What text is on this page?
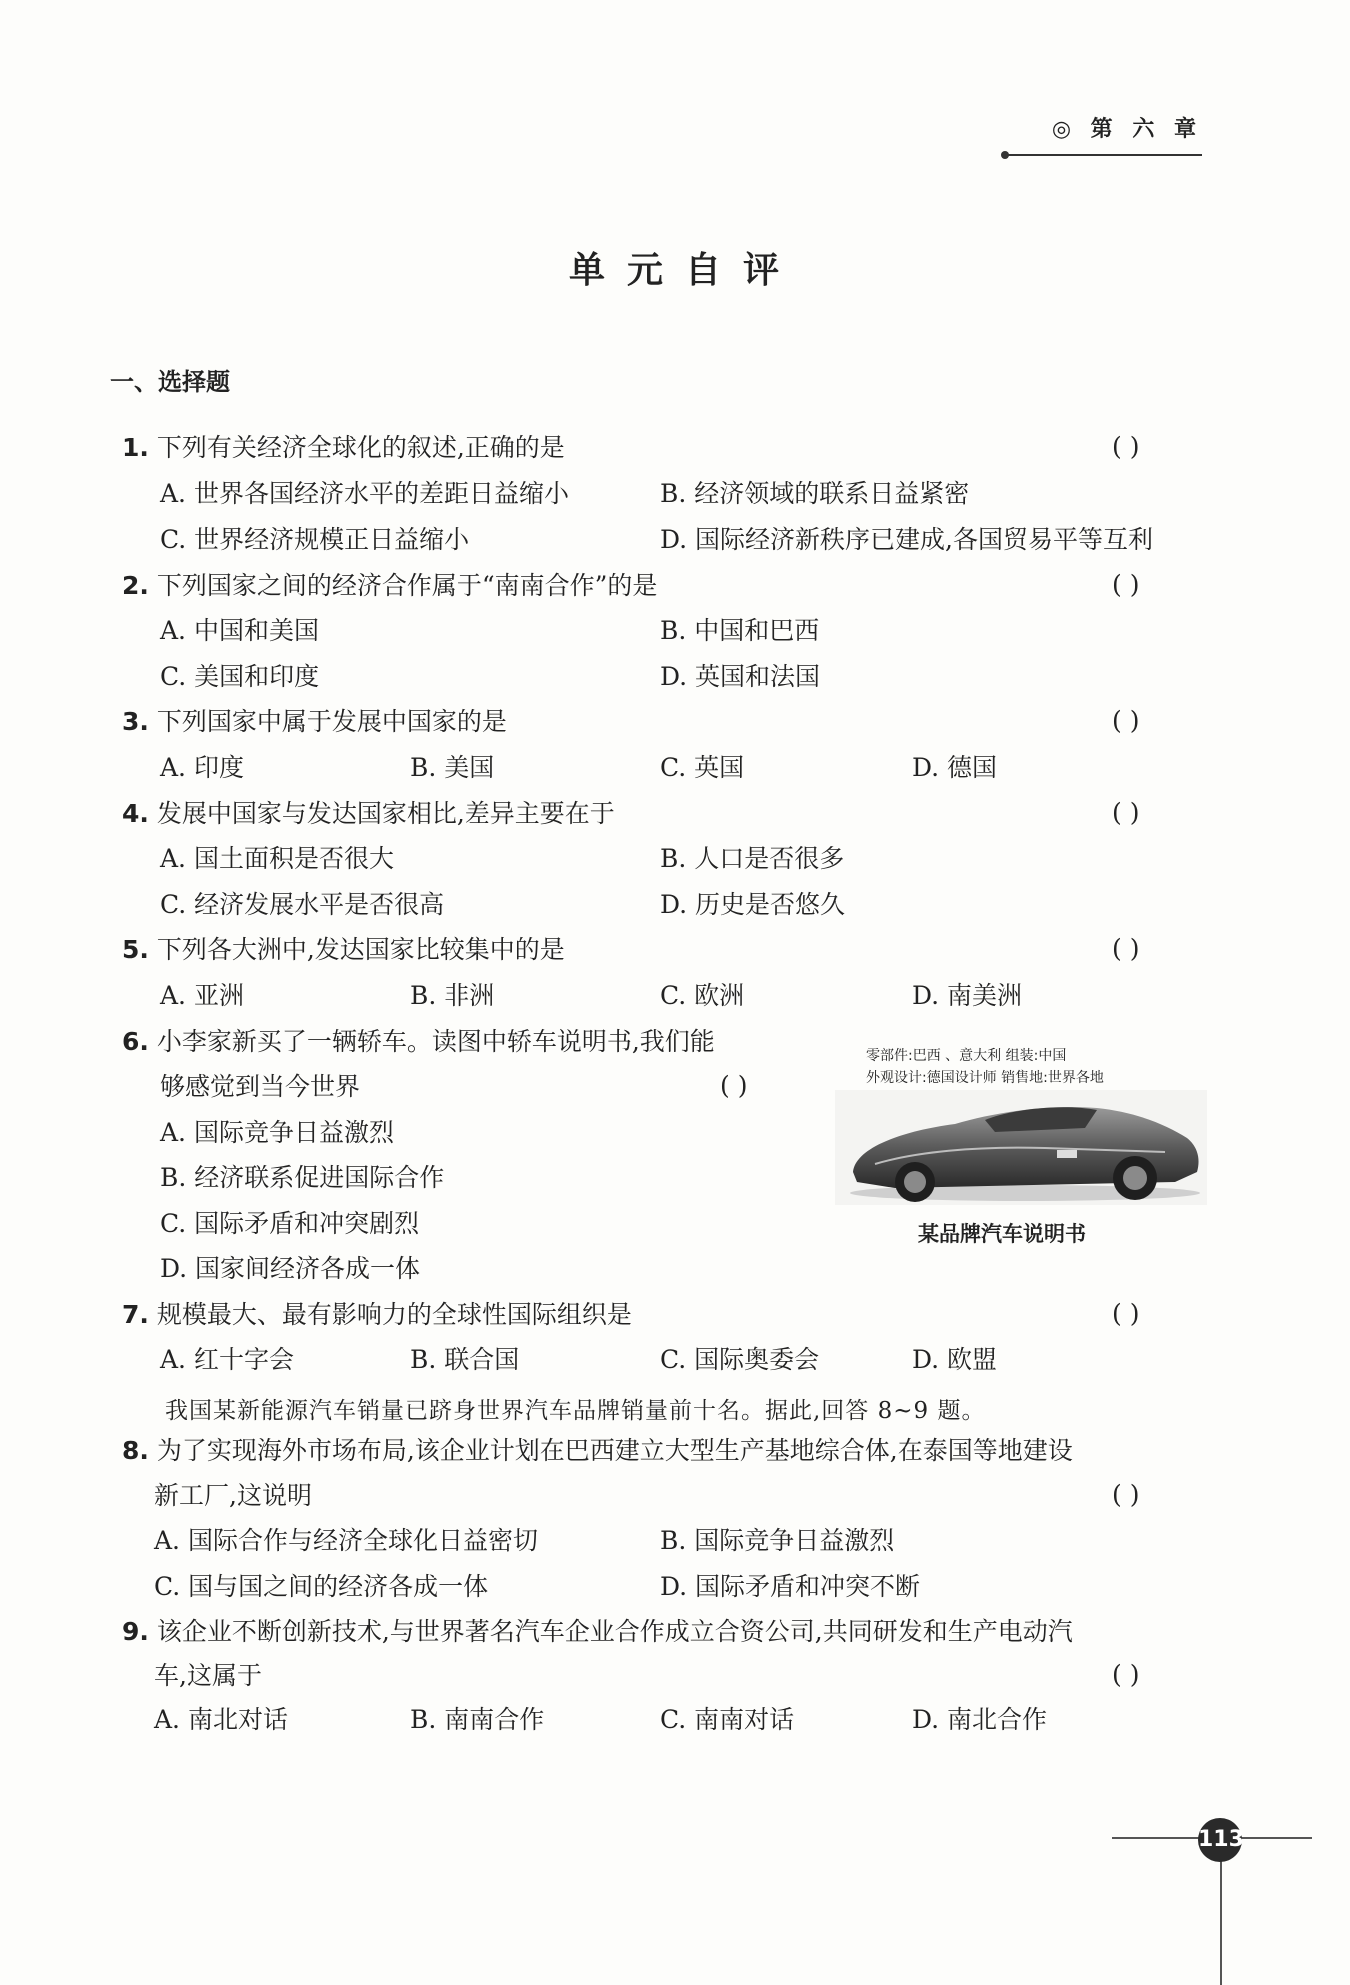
◎ 第 六 章
单元自评
一、选择题
1. 下列有关经济全球化的叙述,正确的是	( )
A. 世界各国经济水平的差距日益缩小	B. 经济领域的联系日益紧密
C. 世界经济规模正日益缩小	D. 国际经济新秩序已建成,各国贸易平等互利
2. 下列国家之间的经济合作属于“南南合作”的是	( )
A. 中国和美国	B. 中国和巴西
C. 美国和印度	D. 英国和法国
3. 下列国家中属于发展中国家的是	( )
A. 印度	B. 美国	C. 英国	D. 德国
4. 发展中国家与发达国家相比,差异主要在于	( )
A. 国土面积是否很大	B. 人口是否很多
C. 经济发展水平是否很高	D. 历史是否悠久
5. 下列各大洲中,发达国家比较集中的是	( )
A. 亚洲	B. 非洲	C. 欧洲	D. 南美洲
6. 小李家新买了一辆轿车。读图中轿车说明书,我们能
够感觉到当今世界	( )
A. 国际竞争日益激烈
B. 经济联系促进国际合作
C. 国际矛盾和冲突剧烈
D. 国家间经济各成一体
零部件:巴西 、意大利 组装:中国
外观设计:德国设计师 销售地:世界各地
某品牌汽车说明书
7. 规模最大、最有影响力的全球性国际组织是	( )
A. 红十字会	B. 联合国	C. 国际奥委会	D. 欧盟
我国某新能源汽车销量已跻身世界汽车品牌销量前十名。据此,回答 8~9 题。
8. 为了实现海外市场布局,该企业计划在巴西建立大型生产基地综合体,在泰国等地建设
新工厂,这说明	( )
A. 国际合作与经济全球化日益密切	B. 国际竞争日益激烈
C. 国与国之间的经济各成一体	D. 国际矛盾和冲突不断
9. 该企业不断创新技术,与世界著名汽车企业合作成立合资公司,共同研发和生产电动汽
车,这属于	( )
A. 南北对话	B. 南南合作	C. 南南对话	D. 南北合作
113
